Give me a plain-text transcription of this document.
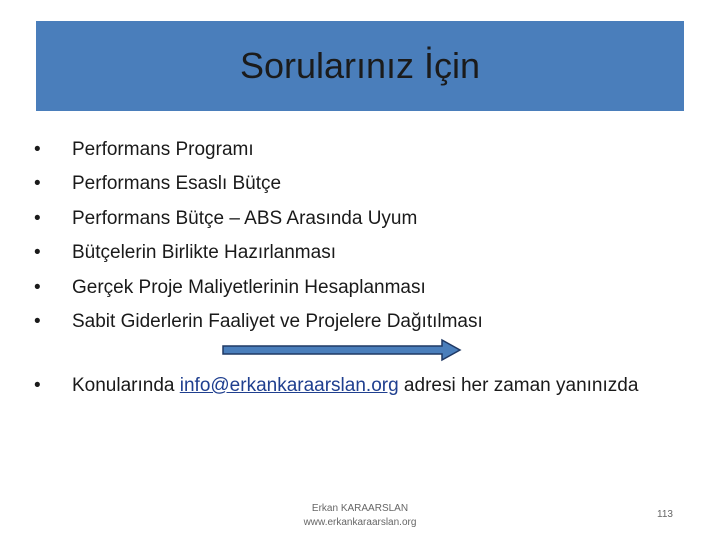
Sorularınız İçin
•	Performans Programı
•	Performans Esaslı Bütçe
•	Performans Bütçe – ABS Arasında Uyum
•	Bütçelerin Birlikte Hazırlanması
•	Gerçek Proje Maliyetlerinin Hesaplanması
•	Sabit Giderlerin Faaliyet ve Projelere Dağıtılması
•	Konularında info@erkankaraarslan.org adresi her zaman yanınızda
Erkan KARAARSLAN
www.erkankaraarslan.org
113
